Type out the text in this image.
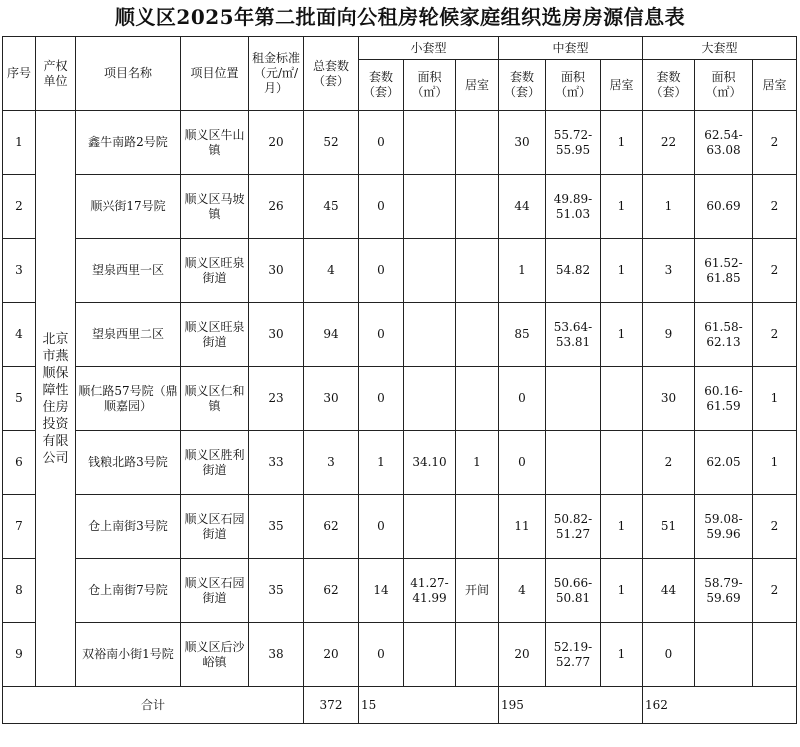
顺义区2025年第二批面向公租房轮候家庭组织选房房源信息表
序号	产权单位	项目名称	项目位置	租金标准（元/㎡/月）	总套数（套）	小套型			中套型			大套型		
						套数（套）	面积（㎡）	居室	套数（套）	面积（㎡）	居室	套数（套）	面积（㎡）	居室
1	北京市燕顺保障性住房投资有限公司	鑫牛南路2号院	顺义区牛山镇	20	52	0			30	55.72-55.95	1	22	62.54-63.08	2
2		顺兴街17号院	顺义区马坡镇	26	45	0			44	49.89-51.03	1	1	60.69	2
3		望泉西里一区	顺义区旺泉街道	30	4	0			1	54.82	1	3	61.52-61.85	2
4		望泉西里二区	顺义区旺泉街道	30	94	0			85	53.64-53.81	1	9	61.58-62.13	2
5		顺仁路57号院（鼎顺嘉园）	顺义区仁和镇	23	30	0			0			30	60.16-61.59	1
6		钱粮北路3号院	顺义区胜利街道	33	3	1	34.10	1	0			2	62.05	1
7		仓上南街3号院	顺义区石园街道	35	62	0			11	50.82-51.27	1	51	59.08-59.96	2
8		仓上南街7号院	顺义区石园街道	35	62	14	41.27-41.99	开间	4	50.66-50.81	1	44	58.79-59.69	2
9		双裕南小街1号院	顺义区后沙峪镇	38	20	0			20	52.19-52.77	1	0		
合计					372	15			195			162		
